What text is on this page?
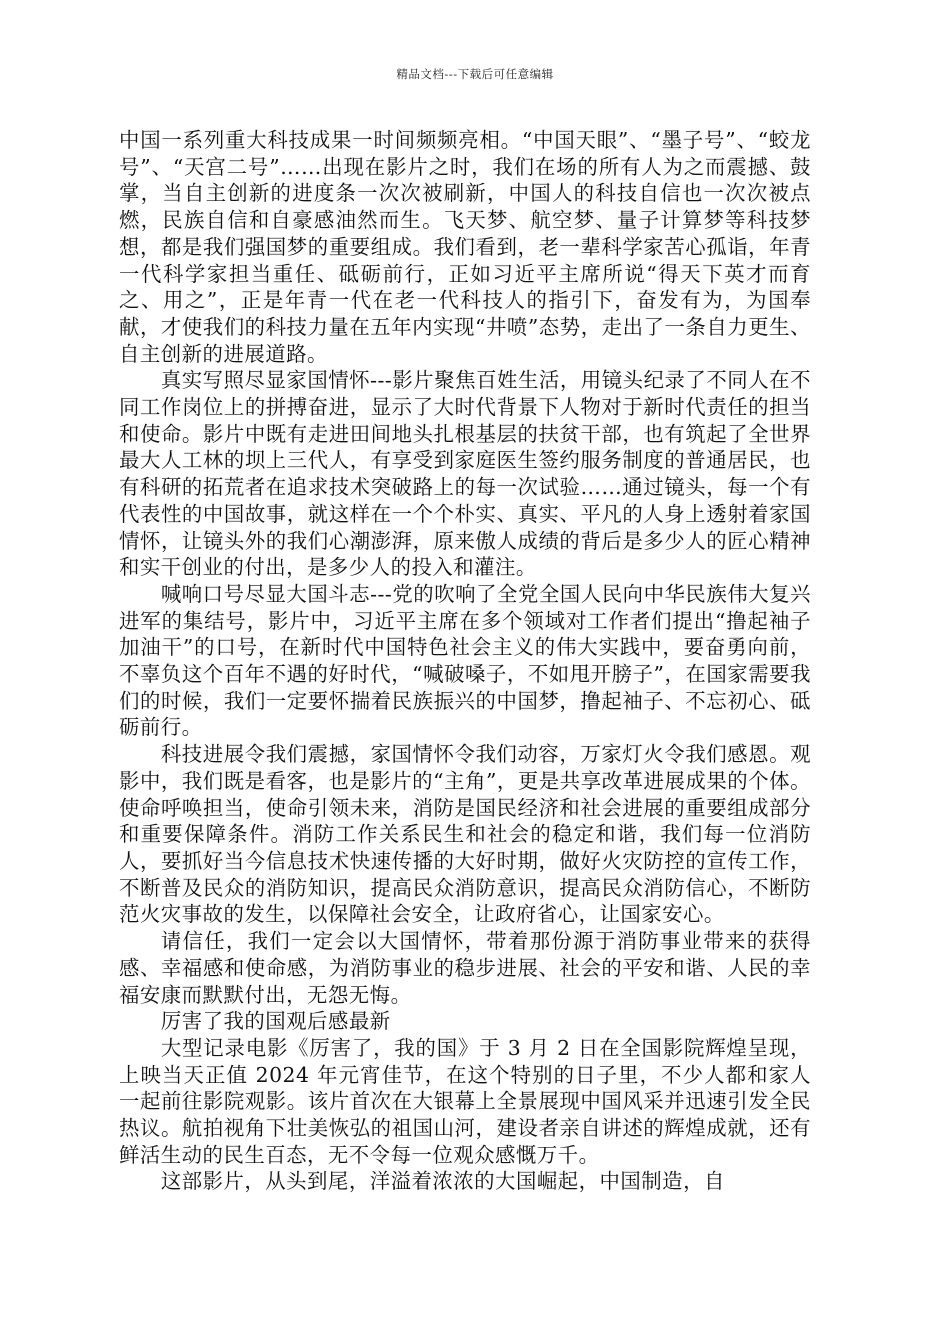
精品文档---下载后可任意编辑

中国一系列重大科技成果一时间频频亮相。“中国天眼”、“墨子号”、“蛟龙号”、“天宫二号”……出现在影片之时，我们在场的所有人为之而震撼、鼓掌，当自主创新的进度条一次次被刷新，中国人的科技自信也一次次被点燃，民族自信和自豪感油然而生。飞天梦、航空梦、量子计算梦等科技梦想，都是我们强国梦的重要组成。我们看到，老一辈科学家苦心孤诣，年青一代科学家担当重任、砥砺前行，正如习近平主席所说“得天下英才而育之、用之”，正是年青一代在老一代科技人的指引下，奋发有为，为国奉献，才使我们的科技力量在五年内实现“井喷”态势，走出了一条自力更生、自主创新的进展道路。

真实写照尽显家国情怀---影片聚焦百姓生活，用镜头纪录了不同人在不同工作岗位上的拼搏奋进，显示了大时代背景下人物对于新时代责任的担当和使命。影片中既有走进田间地头扎根基层的扶贫干部，也有筑起了全世界最大人工林的坝上三代人，有享受到家庭医生签约服务制度的普通居民，也有科研的拓荒者在追求技术突破路上的每一次试验……通过镜头，每一个有代表性的中国故事，就这样在一个个朴实、真实、平凡的人身上透射着家国情怀，让镜头外的我们心潮澎湃，原来傲人成绩的背后是多少人的匠心精神和实干创业的付出，是多少人的投入和灌注。

喊响口号尽显大国斗志---党的吹响了全党全国人民向中华民族伟大复兴进军的集结号，影片中，习近平主席在多个领域对工作者们提出“撸起袖子加油干”的口号，在新时代中国特色社会主义的伟大实践中，要奋勇向前，不辜负这个百年不遇的好时代，“喊破嗓子，不如甩开膀子”，在国家需要我们的时候，我们一定要怀揣着民族振兴的中国梦，撸起袖子、不忘初心、砥砺前行。

科技进展令我们震撼，家国情怀令我们动容，万家灯火令我们感恩。观影中，我们既是看客，也是影片的“主角”，更是共享改革进展成果的个体。使命呼唤担当，使命引领未来，消防是国民经济和社会进展的重要组成部分和重要保障条件。消防工作关系民生和社会的稳定和谐，我们每一位消防人，要抓好当今信息技术快速传播的大好时期，做好火灾防控的宣传工作，不断普及民众的消防知识，提高民众消防意识，提高民众消防信心，不断防范火灾事故的发生，以保障社会安全，让政府省心，让国家安心。

请信任，我们一定会以大国情怀，带着那份源于消防事业带来的获得感、幸福感和使命感，为消防事业的稳步进展、社会的平安和谐、人民的幸福安康而默默付出，无怨无悔。

厉害了我的国观后感最新

大型记录电影《厉害了，我的国》于 3 月 2 日在全国影院辉煌呈现，上映当天正值 2024 年元宵佳节，在这个特别的日子里，不少人都和家人一起前往影院观影。该片首次在大银幕上全景展现中国风采并迅速引发全民热议。航拍视角下壮美恢弘的祖国山河，建设者亲自讲述的辉煌成就，还有鲜活生动的民生百态，无不令每一位观众感慨万千。

这部影片，从头到尾，洋溢着浓浓的大国崛起，中国制造，自
